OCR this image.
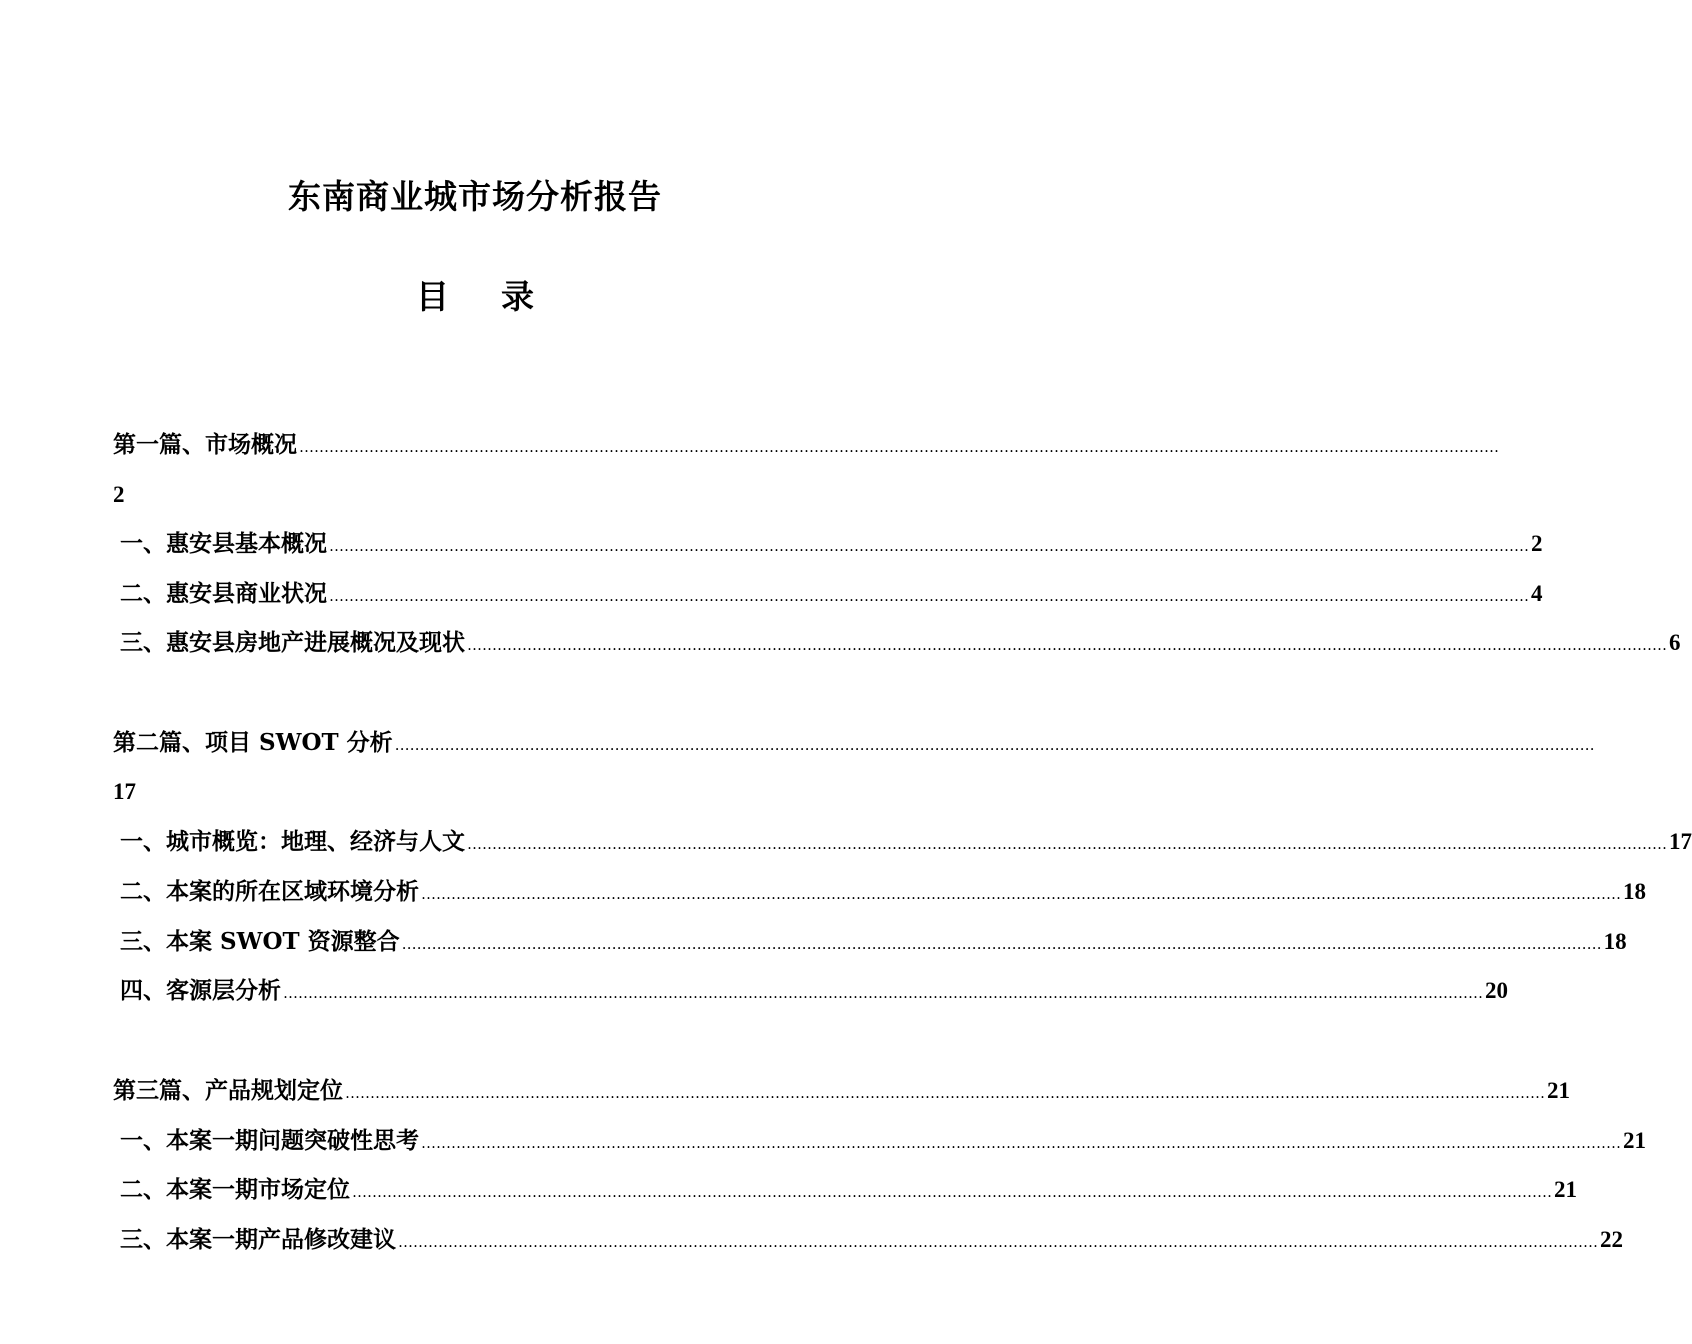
东南商业城市场分析报告
目 录
第一篇、市场概况 ……………………………………………………………………………………………………………………………………………………………………………………………………………………
2
一、惠安县基本概况 …………………………………………………………………………………………………………………………………………………………………………………………………………………… 2
二、惠安县商业状况 …………………………………………………………………………………………………………………………………………………………………………………………………………………… 4
三、惠安县房地产进展概况及现状 …………………………………………………………………………………………………………………………………………………………………………………………………………………… 6
第二篇、项目 SWOT 分析 ……………………………………………………………………………………………………………………………………………………………………………………………………………………
17
一、城市概览：地理、经济与人文 …………………………………………………………………………………………………………………………………………………………………………………………………………………… 17
二、本案的所在区域环境分析 …………………………………………………………………………………………………………………………………………………………………………………………………………………… 18
三、本案 SWOT 资源整合 …………………………………………………………………………………………………………………………………………………………………………………………………………………… 18
四、客源层分析 …………………………………………………………………………………………………………………………………………………………………………………………………………………… 20
第三篇、产品规划定位 …………………………………………………………………………………………………………………………………………………………………………………………………………………… 21
一、本案一期问题突破性思考 …………………………………………………………………………………………………………………………………………………………………………………………………………………… 21
二、本案一期市场定位 …………………………………………………………………………………………………………………………………………………………………………………………………………………… 21
三、本案一期产品修改建议 …………………………………………………………………………………………………………………………………………………………………………………………………………………… 22
